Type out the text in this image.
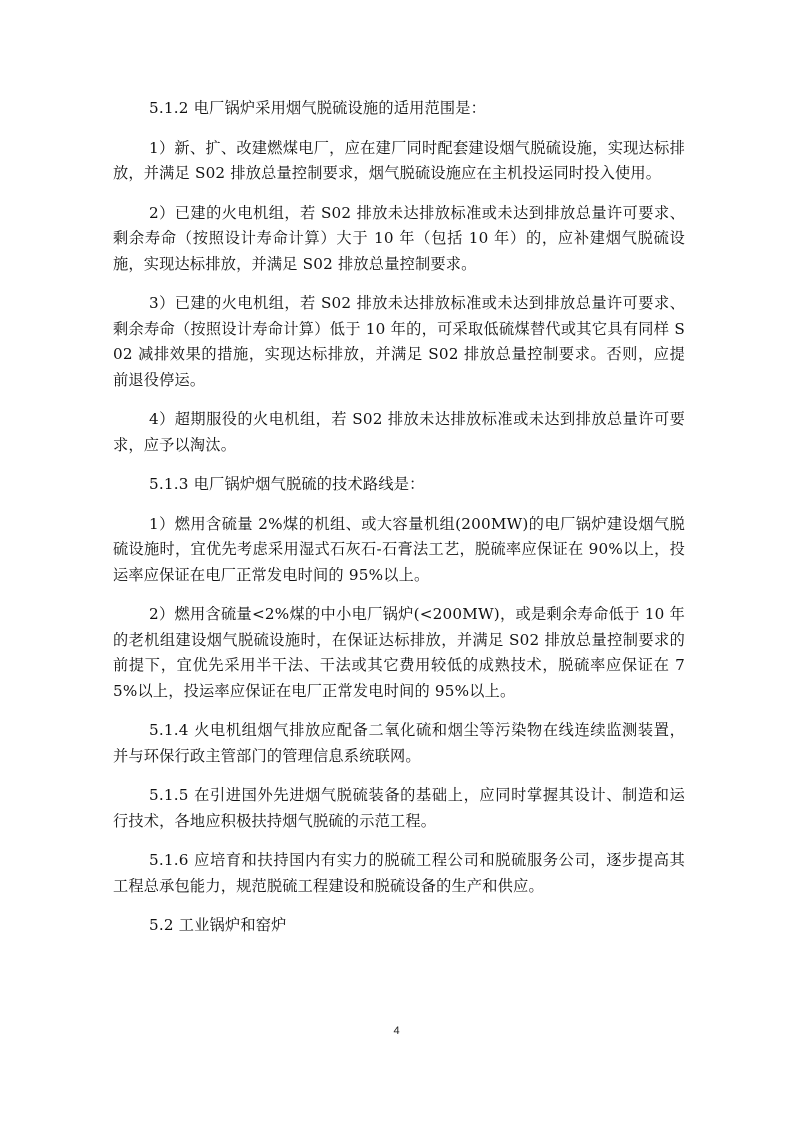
5.1.2 电厂锅炉采用烟气脱硫设施的适用范围是：

1）新、扩、改建燃煤电厂，应在建厂同时配套建设烟气脱硫设施，实现达标排放，并满足 S02 排放总量控制要求，烟气脱硫设施应在主机投运同时投入使用。

2）已建的火电机组，若 S02 排放未达排放标准或未达到排放总量许可要求、剩余寿命（按照设计寿命计算）大于 10 年（包括 10 年）的，应补建烟气脱硫设施，实现达标排放，并满足 S02 排放总量控制要求。

3）已建的火电机组，若 S02 排放未达排放标准或未达到排放总量许可要求、剩余寿命（按照设计寿命计算）低于 10 年的，可采取低硫煤替代或其它具有同样 S02 减排效果的措施，实现达标排放，并满足 S02 排放总量控制要求。否则，应提前退役停运。

4）超期服役的火电机组，若 S02 排放未达排放标准或未达到排放总量许可要求，应予以淘汰。

5.1.3 电厂锅炉烟气脱硫的技术路线是：

1）燃用含硫量 2%煤的机组、或大容量机组(200MW)的电厂锅炉建设烟气脱硫设施时，宜优先考虑采用湿式石灰石-石膏法工艺，脱硫率应保证在 90%以上，投运率应保证在电厂正常发电时间的 95%以上。

2）燃用含硫量<2%煤的中小电厂锅炉(<200MW)，或是剩余寿命低于 10 年的老机组建设烟气脱硫设施时，在保证达标排放，并满足 S02 排放总量控制要求的前提下，宜优先采用半干法、干法或其它费用较低的成熟技术，脱硫率应保证在 75%以上，投运率应保证在电厂正常发电时间的 95%以上。

5.1.4 火电机组烟气排放应配备二氧化硫和烟尘等污染物在线连续监测装置，并与环保行政主管部门的管理信息系统联网。

5.1.5 在引进国外先进烟气脱硫装备的基础上，应同时掌握其设计、制造和运行技术，各地应积极扶持烟气脱硫的示范工程。

5.1.6 应培育和扶持国内有实力的脱硫工程公司和脱硫服务公司，逐步提高其工程总承包能力，规范脱硫工程建设和脱硫设备的生产和供应。

5.2 工业锅炉和窑炉

4
